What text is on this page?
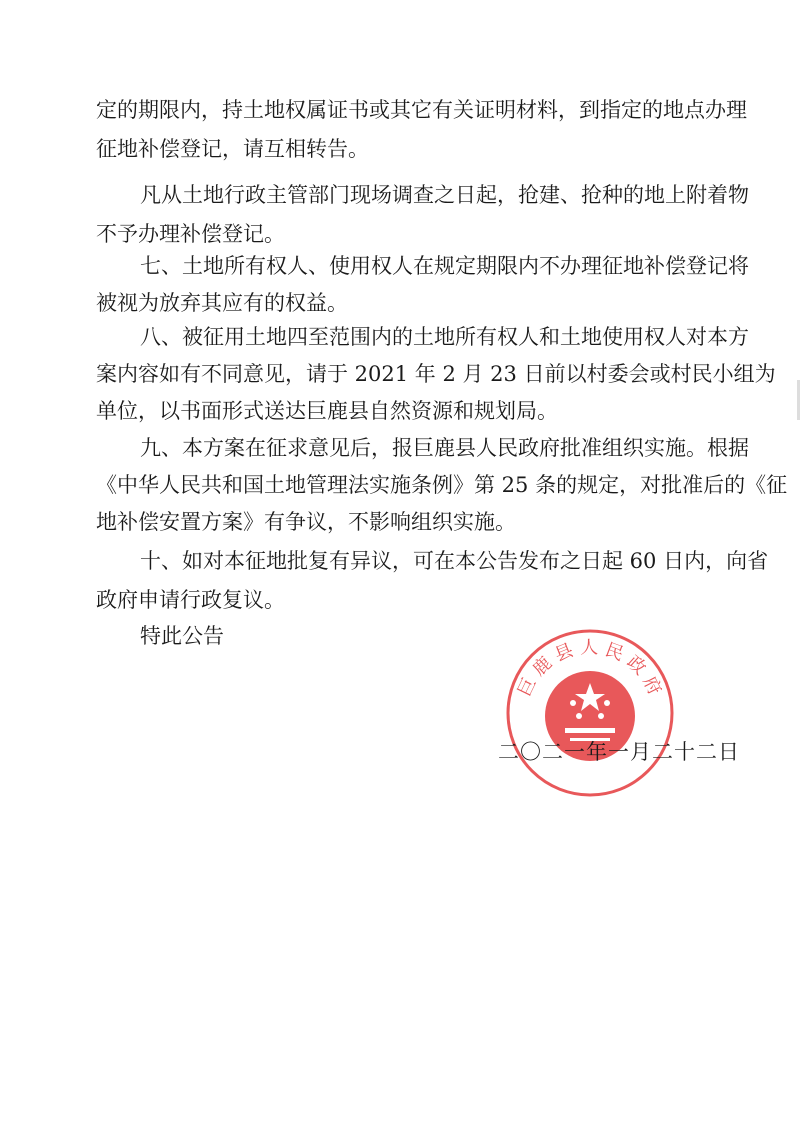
定的期限内，持土地权属证书或其它有关证明材料，到指定的地点办理
征地补偿登记，请互相转告。
凡从土地行政主管部门现场调查之日起，抢建、抢种的地上附着物
不予办理补偿登记。
七、土地所有权人、使用权人在规定期限内不办理征地补偿登记将
被视为放弃其应有的权益。
八、被征用土地四至范围内的土地所有权人和土地使用权人对本方
案内容如有不同意见，请于 2021 年 2 月 23 日前以村委会或村民小组为
单位，以书面形式送达巨鹿县自然资源和规划局。
九、本方案在征求意见后，报巨鹿县人民政府批准组织实施。根据
《中华人民共和国土地管理法实施条例》第 25 条的规定，对批准后的《征
地补偿安置方案》有争议，不影响组织实施。
十、如对本征地批复有异议，可在本公告发布之日起 60 日内，向省
政府申请行政复议。
特此公告
巨鹿县人民政府
二〇二一年一月二十二日
